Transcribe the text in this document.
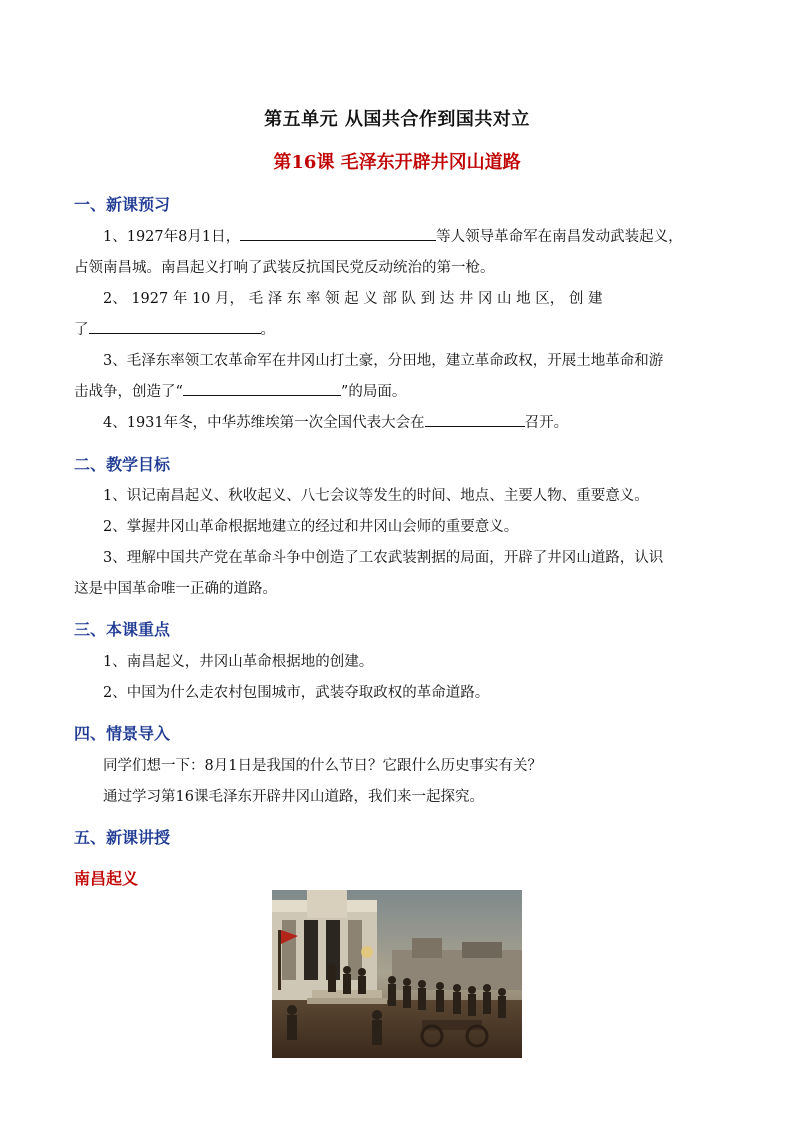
第五单元 从国共合作到国共对立
第16课 毛泽东开辟井冈山道路
一、新课预习
1、1927年8月1日，	等人领导革命军在南昌发动武装起义，
占领南昌城。南昌起义打响了武装反抗国民党反动统治的第一枪。
2、 1927 年 10 月， 毛 泽 东 率 领 起 义 部 队 到 达 井 冈 山 地 区， 创 建
了	。
3、毛泽东率领工农革命军在井冈山打土豪，分田地，建立革命政权，开展土地革命和游
击战争，创造了“	”的局面。
4、1931年冬，中华苏维埃第一次全国代表大会在	召开。
二、教学目标
1、识记南昌起义、秋收起义、八七会议等发生的时间、地点、主要人物、重要意义。
2、掌握井冈山革命根据地建立的经过和井冈山会师的重要意义。
3、理解中国共产党在革命斗争中创造了工农武装割据的局面，开辟了井冈山道路，认识
这是中国革命唯一正确的道路。
三、本课重点
1、南昌起义，井冈山革命根据地的创建。
2、中国为什么走农村包围城市，武装夺取政权的革命道路。
四、情景导入
同学们想一下：8月1日是我国的什么节日？它跟什么历史事实有关？
通过学习第16课毛泽东开辟井冈山道路，我们来一起探究。
五、新课讲授
南昌起义
